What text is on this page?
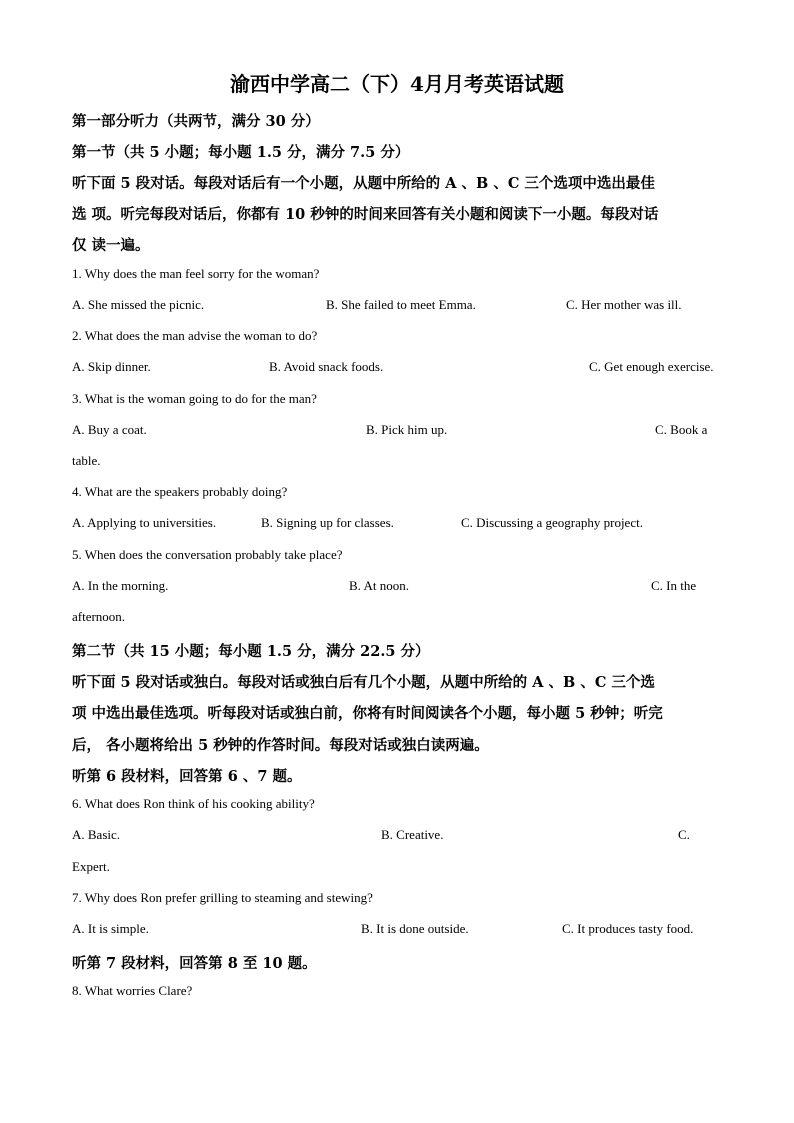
渝西中学高二（下）4月月考英语试题
第一部分听力（共两节，满分 30 分）
第一节（共 5 小题；每小题 1.5 分，满分 7.5 分）
听下面 5 段对话。每段对话后有一个小题，从题中所给的 A 、B 、C 三个选项中选出最佳
选 项。听完每段对话后，你都有 10 秒钟的时间来回答有关小题和阅读下一小题。每段对话
仅 读一遍。
1. Why does the man feel sorry for the woman?
A. She missed the picnic.	B. She failed to meet Emma.	C. Her mother was ill.
2. What does the man advise the woman to do?
A. Skip dinner.	B. Avoid snack foods.	C. Get enough exercise.
3. What is the woman going to do for the man?
A. Buy a coat.	B. Pick him up.	C. Book a
table.
4. What are the speakers probably doing?
A. Applying to universities.	B. Signing up for classes.	C. Discussing a geography project.
5. When does the conversation probably take place?
A. In the morning.	B. At noon.	C. In the
afternoon.
第二节（共 15 小题；每小题 1.5 分，满分 22.5 分）
听下面 5 段对话或独白。每段对话或独白后有几个小题，从题中所给的 A 、B 、C 三个选
项 中选出最佳选项。听每段对话或独白前，你将有时间阅读各个小题，每小题 5 秒钟；听完
后， 各小题将给出 5 秒钟的作答时间。每段对话或独白读两遍。
听第 6 段材料，回答第 6 、7 题。
6. What does Ron think of his cooking ability?
A. Basic.	B. Creative.	C.
Expert.
7. Why does Ron prefer grilling to steaming and stewing?
A. It is simple.	B. It is done outside.	C. It produces tasty food.
听第 7 段材料，回答第 8 至 10 题。
8. What worries Clare?
